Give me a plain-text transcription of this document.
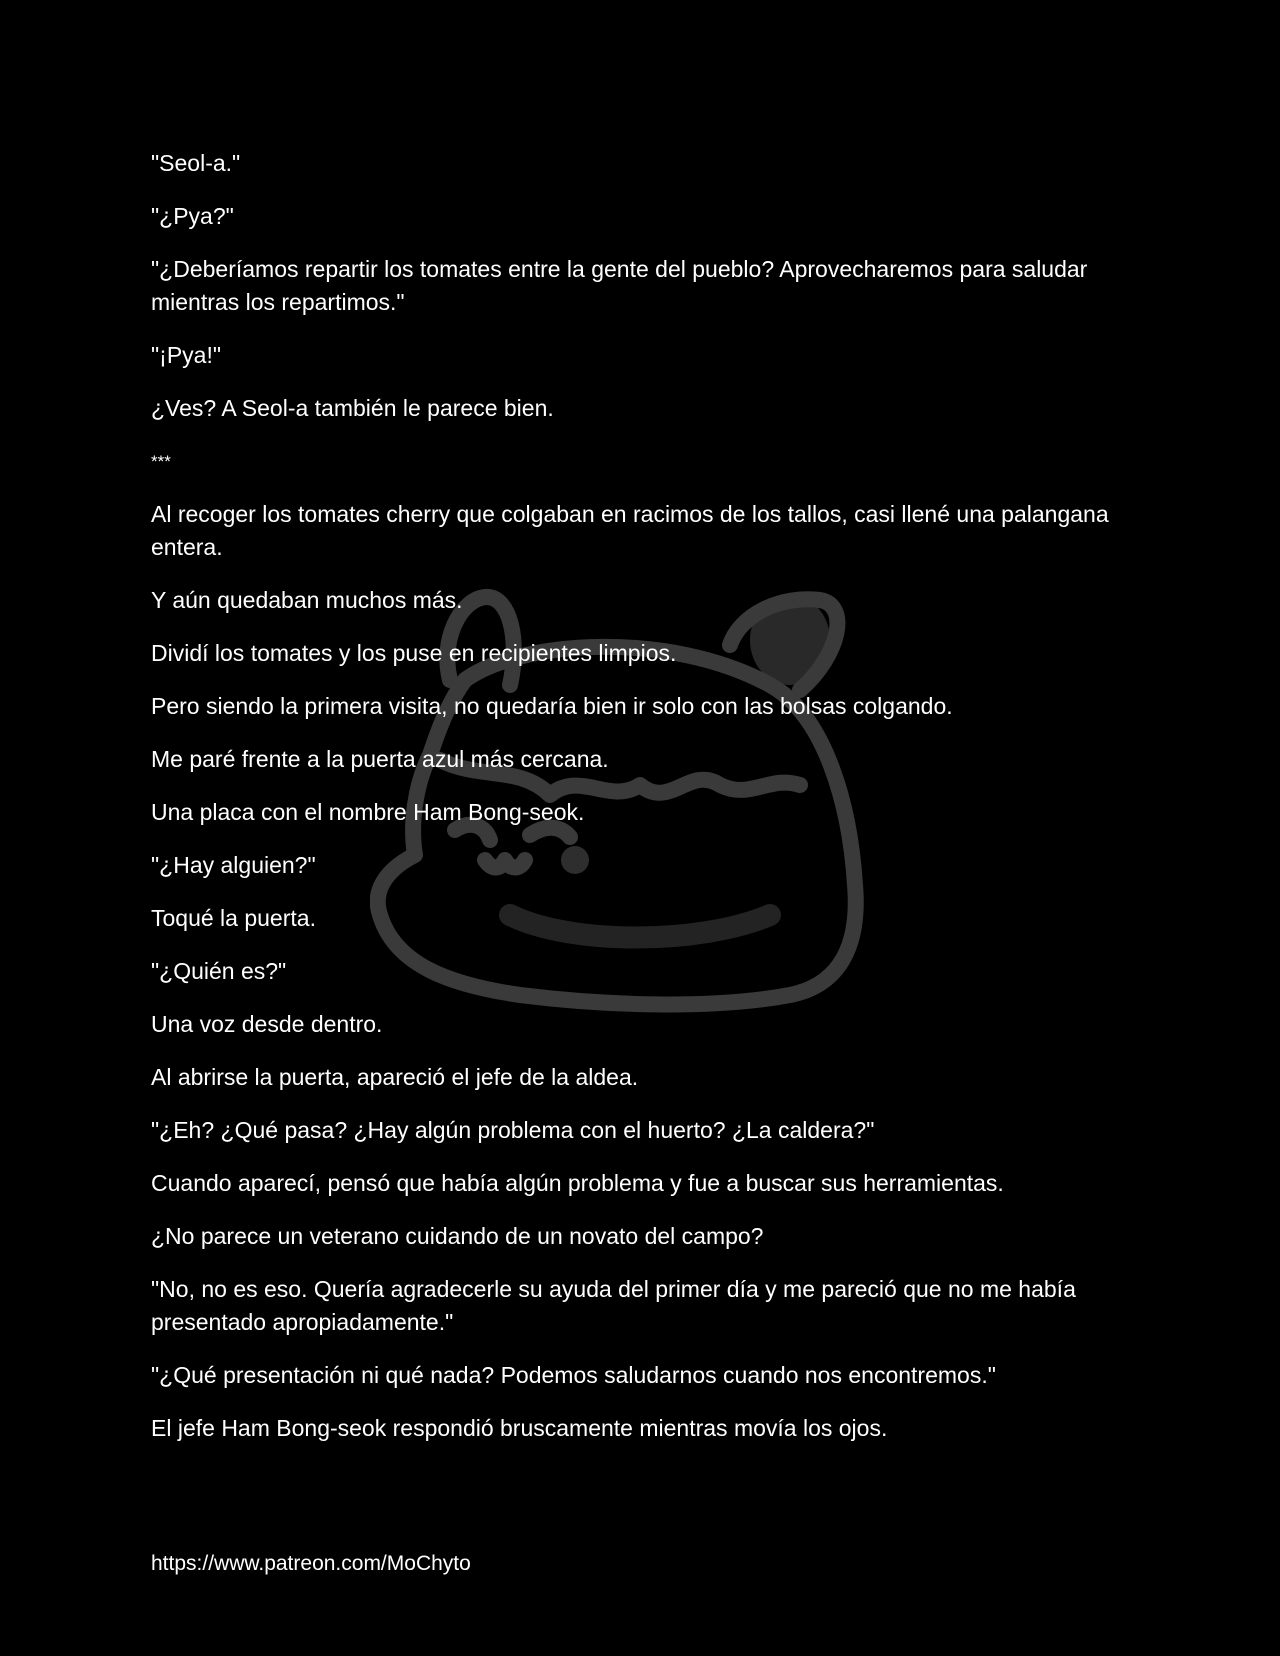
"Seol-a."

"¿Pya?"

"¿Deberíamos repartir los tomates entre la gente del pueblo? Aprovecharemos para saludar mientras los repartimos."

"¡Pya!"

¿Ves? A Seol-a también le parece bien.

***

Al recoger los tomates cherry que colgaban en racimos de los tallos, casi llené una palangana entera.

Y aún quedaban muchos más.

Dividí los tomates y los puse en recipientes limpios.

Pero siendo la primera visita, no quedaría bien ir solo con las bolsas colgando.

Me paré frente a la puerta azul más cercana.

Una placa con el nombre Ham Bong-seok.

"¿Hay alguien?"

Toqué la puerta.

"¿Quién es?"

Una voz desde dentro.

Al abrirse la puerta, apareció el jefe de la aldea.

"¿Eh? ¿Qué pasa? ¿Hay algún problema con el huerto? ¿La caldera?"

Cuando aparecí, pensó que había algún problema y fue a buscar sus herramientas.

¿No parece un veterano cuidando de un novato del campo?

"No, no es eso. Quería agradecerle su ayuda del primer día y me pareció que no me había presentado apropiadamente."

"¿Qué presentación ni qué nada? Podemos saludarnos cuando nos encontremos."

El jefe Ham Bong-seok respondió bruscamente mientras movía los ojos.

https://www.patreon.com/MoChyto
